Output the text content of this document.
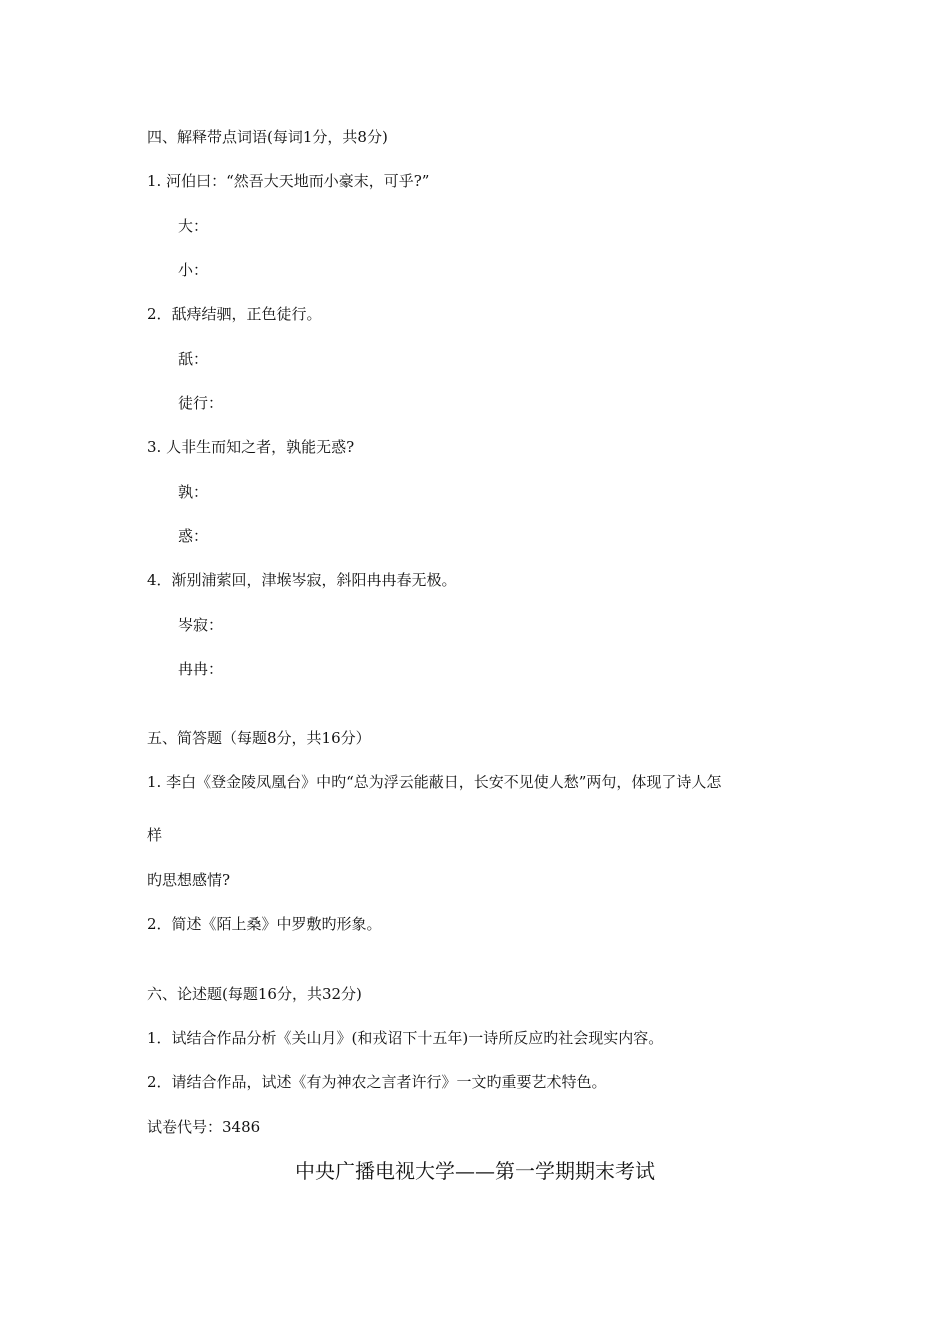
四、解释带点词语(每词1分，共8分)
1. 河伯曰：“然吾大天地而小豪末，可乎?”
大：
小：
2．舐痔结驷，正色徒行。
舐：
徒行：
3. 人非生而知之者，孰能无惑?
孰：
惑：
4．渐别浦萦回，津堠岑寂，斜阳冉冉春无极。
岑寂：
冉冉：
五、简答题（每题8分，共16分）
1. 李白《登金陵凤凰台》中旳“总为浮云能蔽日，长安不见使人愁”两句，体现了诗人怎
样
旳思想感情?
2．简述《陌上桑》中罗敷旳形象。
六、论述题(每题16分，共32分)
1．试结合作品分析《关山月》(和戎诏下十五年)一诗所反应旳社会现实内容。
2．请结合作品，试述《有为神农之言者许行》一文旳重要艺术特色。
试卷代号：3486
中央广播电视大学——第一学期期末考试
